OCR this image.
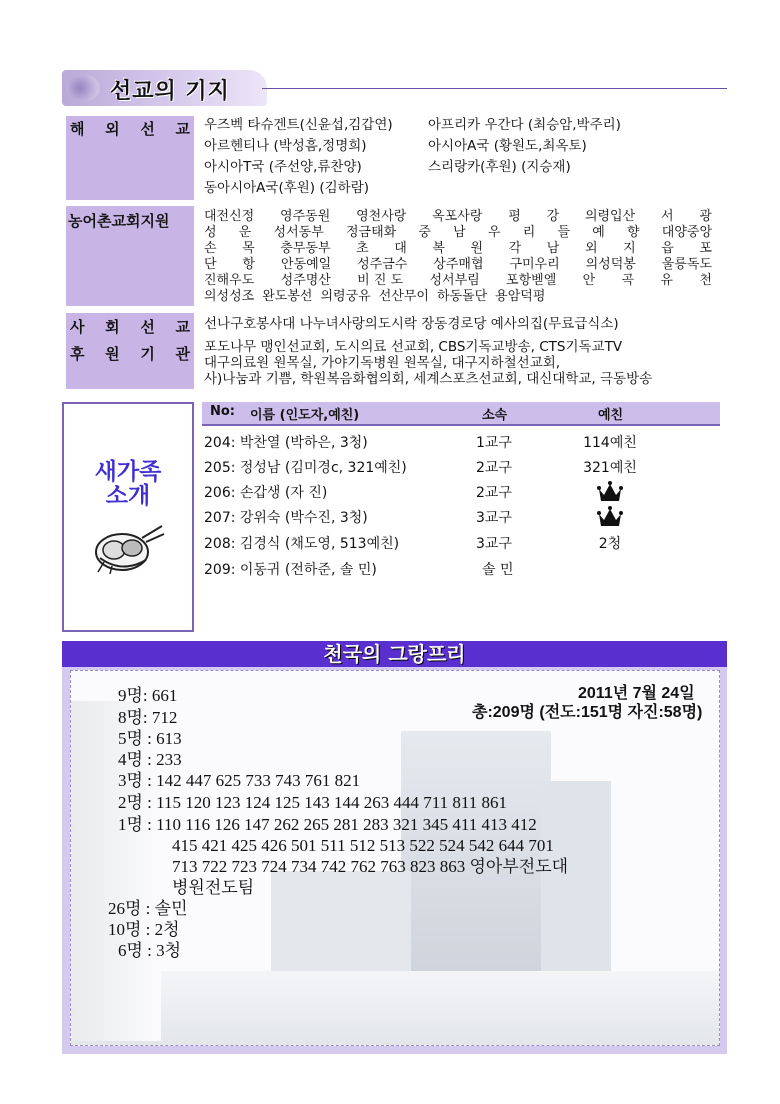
선교의 기지
해 외 선 교 우즈벡 타슈겐트(신윤섭,김갑연)	아프리카 우간다 (최승암,박주리)
아르헨티나 (박성흠,정명희)	아시아A국 (황원도,최옥토)
아시아T국 (주선양,류찬양)	스리랑카(후원) (지승재)
동아시아A국(후원) (김하람)
농어촌교회지원	대전신정 영주동원 영천사랑 옥포사랑 평 강 의령입산 서 광
성 운 성서동부 정금태화 중 남 우 리 들 예 향 대양중앙
손 목 충무동부 초 대 복 원 각 남 외 지 읍 포
단 항 안동예일 성주금수 상주매협 구미우리 의성덕봉 울릉독도
진해우도 성주명산 비 진 도 성서부림 포항벧엘 안 곡 유 천
의성성조 완도봉선 의령궁유 선산무이 하동돌단 용암덕평
사 회 선 교 선나구호봉사대 나누녀사랑의도시락 장동경로당 예사의집(무료급식소)
후 원 기 관 포도나무 맹인선교회, 도시의료 선교회, CBS기독교방송, CTS기독교TV
대구의료원 원목실, 가야기독병원 원목실, 대구지하철선교회,
사)나눔과 기쁨, 학원복음화협의회, 세계스포츠선교회, 대신대학교, 극동방송
새가족
소개
No: 이름 (인도자,예친)	소속	예친
204: 박찬열 (박하은, 3청)	1교구	114예친
205: 정성남 (김미경c, 321예친)	2교구	321예친
206: 손갑생 (자 진)	2교구
207: 강위숙 (박수진, 3청)	3교구
208: 김경식 (채도영, 513예친)	3교구	2청
209: 이동귀 (전하준, 솔 민)	솔 민
천국의 그랑프리
2011년 7월 24일
총:209명 (전도:151명 자진:58명)
9명: 661
8명: 712
5명 : 613
4명 : 233
3명 : 142 447 625 733 743 761 821
2명 : 115 120 123 124 125 143 144 263 444 711 811 861
1명 : 110 116 126 147 262 265 281 283 321 345 411 413 412
415 421 425 426 501 511 512 513 522 524 542 644 701
713 722 723 724 734 742 762 763 823 863 영아부전도대
병원전도팀
26명 : 솔민
10명 : 2청
6명 : 3청
